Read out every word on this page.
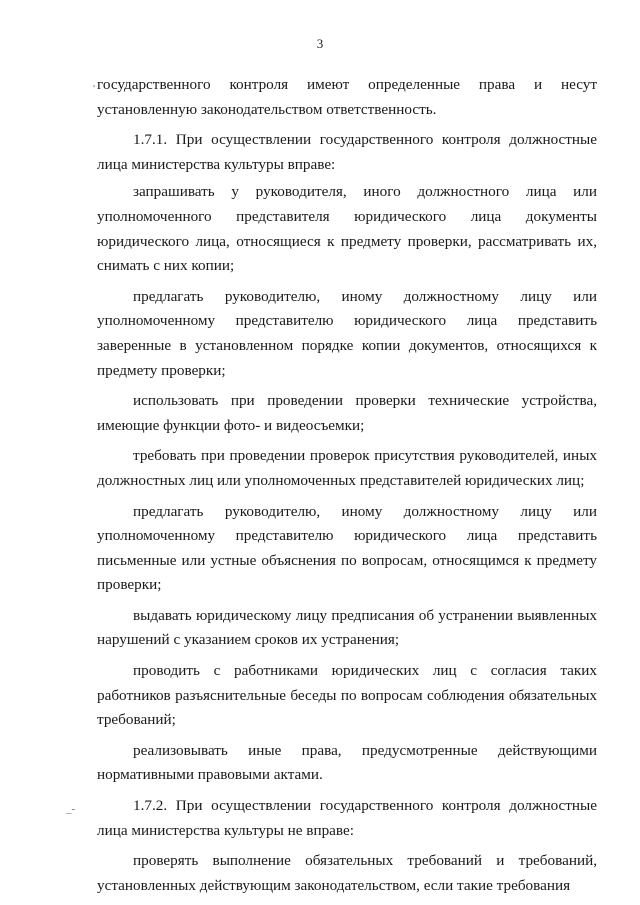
3
'
_-

государственного контроля имеют определенные права и несут установленную законодательством ответственность.

1.7.1. При осуществлении государственного контроля должностные лица министерства культуры вправе:

запрашивать у руководителя, иного должностного лица или уполномоченного представителя юридического лица документы юридического лица, относящиеся к предмету проверки, рассматривать их, снимать с них копии;

предлагать руководителю, иному должностному лицу или уполномоченному представителю юридического лица представить заверенные в установленном порядке копии документов, относящихся к предмету проверки;

использовать при проведении проверки технические устройства, имеющие функции фото- и видеосъемки;

требовать при проведении проверок присутствия руководителей, иных должностных лиц или уполномоченных представителей юридических лиц;

предлагать руководителю, иному должностному лицу или уполномоченному представителю юридического лица представить письменные или устные объяснения по вопросам, относящимся к предмету проверки;

выдавать юридическому лицу предписания об устранении выявленных нарушений с указанием сроков их устранения;

проводить с работниками юридических лиц с согласия таких работников разъяснительные беседы по вопросам соблюдения обязательных требований;

реализовывать иные права, предусмотренные действующими нормативными правовыми актами.

1.7.2. При осуществлении государственного контроля должностные лица министерства культуры не вправе:

проверять выполнение обязательных требований и требований, установленных действующим законодательством, если такие требования
